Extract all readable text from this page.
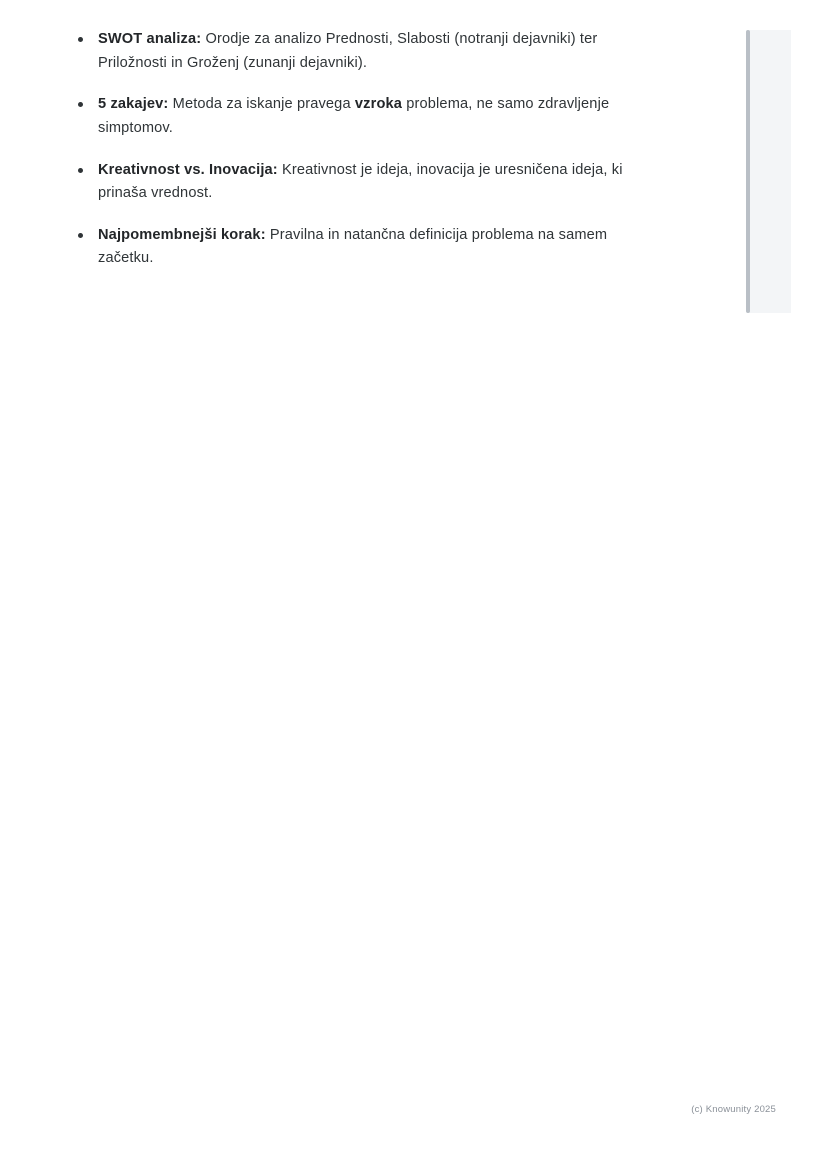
SWOT analiza: Orodje za analizo Prednosti, Slabosti (notranji dejavniki) ter Priložnosti in Groženj (zunanji dejavniki).
5 zakajev: Metoda za iskanje pravega vzroka problema, ne samo zdravljenje simptomov.
Kreativnost vs. Inovacija: Kreativnost je ideja, inovacija je uresničena ideja, ki prinaša vrednost.
Najpomembnejši korak: Pravilna in natančna definicija problema na samem začetku.
(c) Knowunity 2025
